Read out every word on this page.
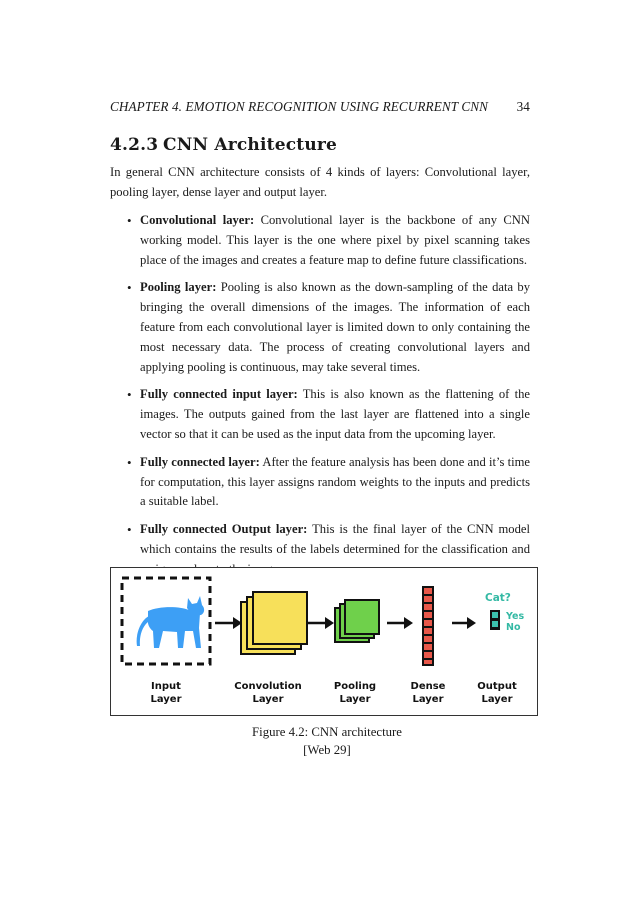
CHAPTER 4. EMOTION RECOGNITION USING RECURRENT CNN 34
4.2.3 CNN Architecture
In general CNN architecture consists of 4 kinds of layers: Convolutional layer, pooling layer, dense layer and output layer.
• Convolutional layer: Convolutional layer is the backbone of any CNN working model. This layer is the one where pixel by pixel scanning takes place of the images and creates a feature map to define future classifications.
• Pooling layer: Pooling is also known as the down-sampling of the data by bringing the overall dimensions of the images. The information of each feature from each convolutional layer is limited down to only containing the most necessary data. The process of creating convolutional layers and applying pooling is continuous, may take several times.
• Fully connected input layer: This is also known as the flattening of the images. The outputs gained from the last layer are flattened into a single vector so that it can be used as the input data from the upcoming layer.
• Fully connected layer: After the feature analysis has been done and it’s time for computation, this layer assigns random weights to the inputs and predicts a suitable label.
• Fully connected Output layer: This is the final layer of the CNN model which contains the results of the labels determined for the classification and
Cat?
Yes
No
Input
Layer
Convolution
Layer
Pooling
Layer
Dense
Layer
Output
Layer
Figure 4.2: CNN architecture
[Web 29]
